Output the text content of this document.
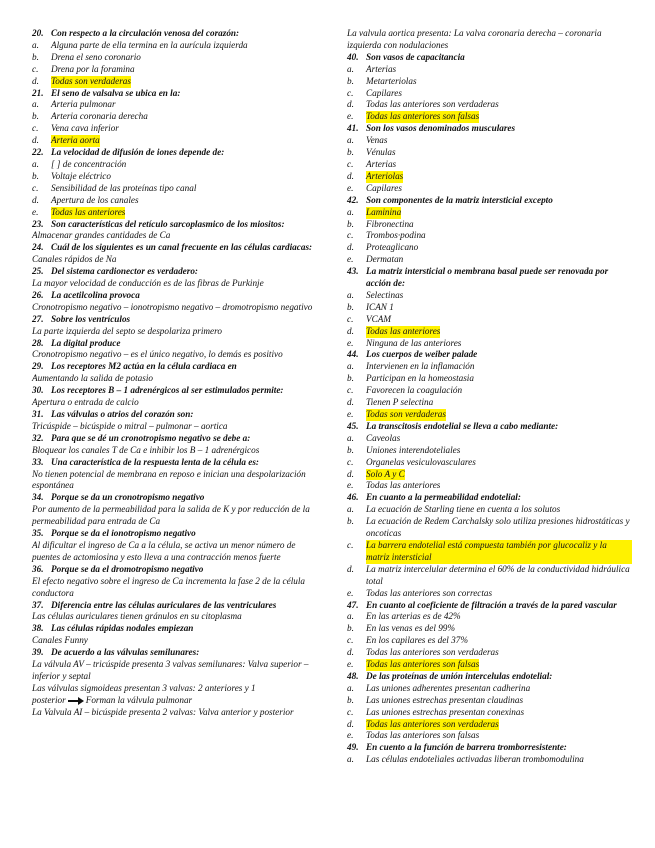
20. Con respecto a la circulación venosa del corazón:
a.	Alguna parte de ella termina en la aurícula izquierda
b.	Drena el seno coronario
c.	Drena por la foramina
d.	Todas son verdaderas
21. El seno de valsalva se ubica en la:
a.	Arteria pulmonar
b.	Arteria coronaria derecha
c.	Vena cava inferior
d.	Arteria aorta
22. La velocidad de difusión de iones depende de:
a.	[ ] de concentración
b.	Voltaje eléctrico
c.	Sensibilidad de las proteínas tipo canal
d.	Apertura de los canales
e.	Todas las anteriores
23. Son características del retículo sarcoplasmico de los miositos:
Almacenar grandes cantidades de Ca
24. Cuál de los siguientes es un canal frecuente en las células cardiacas:
Canales rápidos de Na
25. Del sistema cardionector es verdadero:
La mayor velocidad de conducción es de las fibras de Purkinje
26. La acetilcolina provoca
Cronotropismo negativo – ionotropismo negativo – dromotropismo negativo
27. Sobre los ventrículos
La parte izquierda del septo se despolariza primero
28. La digital produce
Cronotropismo negativo – es el único negativo, lo demás es positivo
29. Los receptores M2 actúa en la célula cardiaca en
Aumentando la salida de potasio
30. Los receptores B – 1 adrenérgicos al ser estimulados permite:
Apertura o entrada de calcio
31. Las válvulas o atrios del corazón son:
Tricúspide – bicúspide o mitral – pulmonar – aortica
32. Para que se dé un cronotropismo negativo se debe a:
Bloquear los canales T de Ca e inhibir los B – 1 adrenérgicos
33. Una característica de la respuesta lenta de la célula es:
No tienen potencial de membrana en reposo e inician una despolarización espontánea
34. Porque se da un cronotropismo negativo
Por aumento de la permeabilidad para la salida de K y por reducción de la permeabilidad para entrada de Ca
35. Porque se da el ionotropismo negativo
Al dificultar el ingreso de Ca a la célula, se activa un menor número de puentes de actomiosina y esto lleva a una contracción menos fuerte
36. Porque se da el dromotropismo negativo
El efecto negativo sobre el ingreso de Ca incrementa la fase 2 de la célula conductora
37. Diferencia entre las células auriculares de las ventriculares
Las células auriculares tienen gránulos en su citoplasma
38. Las células rápidas nodales empiezan
Canales Funny
39. De acuerdo a las válvulas semilunares:
La válvula AV – tricúspide presenta 3 valvas semilunares: Valva superior – inferior y septal
Las válvulas sigmoideas presentan 3 valvas: 2 anteriores y 1
posterior Forman la válvula pulmonar
La Valvula AI – bicúspide presenta 2 valvas: Valva anterior y posterior
La valvula aortica presenta: La valva coronaria derecha – coronaria izquierda con nodulaciones
40. Son vasos de capacitancia
a.	Arterias
b.	Metarteriolas
c.	Capilares
d.	Todas las anteriores son verdaderas
e.	Todas las anteriores son falsas
41. Son los vasos denominados musculares
a.	Venas
b.	Vénulas
c.	Arterias
d.	Arteriolas
e.	Capilares
42. Son componentes de la matriz intersticial excepto
a.	Laminina
b.	Fibronectina
c.	Trombos·podina
d.	Proteaglicano
e.	Dermatan
43. La matriz intersticial o membrana basal puede ser renovada por acción de:
a.	Selectinas
b.	ICAN 1
c.	VCAM
d.	Todas las anteriores
e.	Ninguna de las anteriores
44. Los cuerpos de weiber palade
a.	Intervienen en la inflamación
b.	Participan en la homeostasia
c.	Favorecen la coagulación
d.	Tienen P selectina
e.	Todas son verdaderas
45. La transcitosis endotelial se lleva a cabo mediante:
a.	Caveolas
b.	Uniones interendoteliales
c.	Organelas vesiculovasculares
d.	Solo A y C
e.	Todas las anteriores
46. En cuanto a la permeabilidad endotelial:
a.	La ecuación de Starling tiene en cuenta a los solutos
b.	La ecuación de Redem Carchalsky solo utiliza presiones hidrostáticas y oncoticas
c.	La barrera endotelial está compuesta también por glucocaliz y la matriz intersticial
d.	La matriz intercelular determina el 60% de la conductividad hidráulica total
e.	Todas las anteriores son correctas
47. En cuanto al coeficiente de filtración a través de la pared vascular
a.	En las arterias es de 42%
b.	En las venas es del 99%
c.	En los capilares es del 37%
d.	Todas las anteriores son verdaderas
e.	Todas las anteriores son falsas
48. De las proteínas de unión intercelulas endotelial:
a.	Las uniones adherentes presentan cadherina
b.	Las uniones estrechas presentan claudinas
c.	Las uniones estrechas presentan conexinas
d.	Todas las anteriores son verdaderas
e.	Todas las anteriores son falsas
49. En cuento a la función de barrera tromborresistente:
a.	Las células endoteliales activadas liberan trombomodulina
